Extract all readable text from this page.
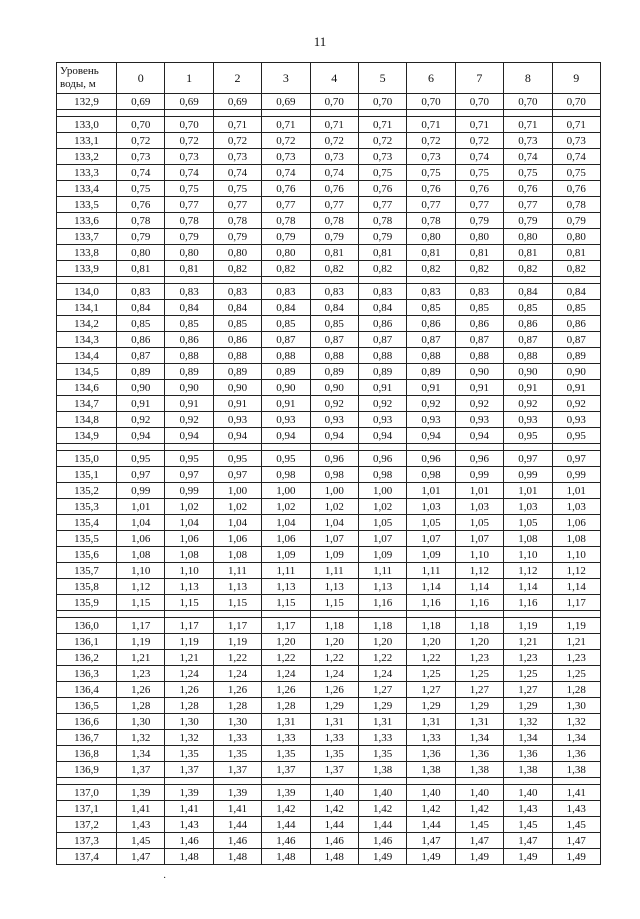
11
Уровень воды, м	0	1	2	3	4	5	6	7	8	9
132,9	0,69	0,69	0,69	0,69	0,70	0,70	0,70	0,70	0,70	0,70

133,0	0,70	0,70	0,71	0,71	0,71	0,71	0,71	0,71	0,71	0,71
133,1	0,72	0,72	0,72	0,72	0,72	0,72	0,72	0,72	0,73	0,73
133,2	0,73	0,73	0,73	0,73	0,73	0,73	0,73	0,74	0,74	0,74
133,3	0,74	0,74	0,74	0,74	0,74	0,75	0,75	0,75	0,75	0,75
133,4	0,75	0,75	0,75	0,76	0,76	0,76	0,76	0,76	0,76	0,76
133,5	0,76	0,77	0,77	0,77	0,77	0,77	0,77	0,77	0,77	0,78
133,6	0,78	0,78	0,78	0,78	0,78	0,78	0,78	0,79	0,79	0,79
133,7	0,79	0,79	0,79	0,79	0,79	0,79	0,80	0,80	0,80	0,80
133,8	0,80	0,80	0,80	0,80	0,81	0,81	0,81	0,81	0,81	0,81
133,9	0,81	0,81	0,82	0,82	0,82	0,82	0,82	0,82	0,82	0,82

134,0	0,83	0,83	0,83	0,83	0,83	0,83	0,83	0,83	0,84	0,84
134,1	0,84	0,84	0,84	0,84	0,84	0,84	0,85	0,85	0,85	0,85
134,2	0,85	0,85	0,85	0,85	0,85	0,86	0,86	0,86	0,86	0,86
134,3	0,86	0,86	0,86	0,87	0,87	0,87	0,87	0,87	0,87	0,87
134,4	0,87	0,88	0,88	0,88	0,88	0,88	0,88	0,88	0,88	0,89
134,5	0,89	0,89	0,89	0,89	0,89	0,89	0,89	0,90	0,90	0,90
134,6	0,90	0,90	0,90	0,90	0,90	0,91	0,91	0,91	0,91	0,91
134,7	0,91	0,91	0,91	0,91	0,92	0,92	0,92	0,92	0,92	0,92
134,8	0,92	0,92	0,93	0,93	0,93	0,93	0,93	0,93	0,93	0,93
134,9	0,94	0,94	0,94	0,94	0,94	0,94	0,94	0,94	0,95	0,95

135,0	0,95	0,95	0,95	0,95	0,96	0,96	0,96	0,96	0,97	0,97
135,1	0,97	0,97	0,97	0,98	0,98	0,98	0,98	0,99	0,99	0,99
135,2	0,99	0,99	1,00	1,00	1,00	1,00	1,01	1,01	1,01	1,01
135,3	1,01	1,02	1,02	1,02	1,02	1,02	1,03	1,03	1,03	1,03
135,4	1,04	1,04	1,04	1,04	1,04	1,05	1,05	1,05	1,05	1,06
135,5	1,06	1,06	1,06	1,06	1,07	1,07	1,07	1,07	1,08	1,08
135,6	1,08	1,08	1,08	1,09	1,09	1,09	1,09	1,10	1,10	1,10
135,7	1,10	1,10	1,11	1,11	1,11	1,11	1,11	1,12	1,12	1,12
135,8	1,12	1,13	1,13	1,13	1,13	1,13	1,14	1,14	1,14	1,14
135,9	1,15	1,15	1,15	1,15	1,15	1,16	1,16	1,16	1,16	1,17

136,0	1,17	1,17	1,17	1,17	1,18	1,18	1,18	1,18	1,19	1,19
136,1	1,19	1,19	1,19	1,20	1,20	1,20	1,20	1,20	1,21	1,21
136,2	1,21	1,21	1,22	1,22	1,22	1,22	1,22	1,23	1,23	1,23
136,3	1,23	1,24	1,24	1,24	1,24	1,24	1,25	1,25	1,25	1,25
136,4	1,26	1,26	1,26	1,26	1,26	1,27	1,27	1,27	1,27	1,28
136,5	1,28	1,28	1,28	1,28	1,29	1,29	1,29	1,29	1,29	1,30
136,6	1,30	1,30	1,30	1,31	1,31	1,31	1,31	1,31	1,32	1,32
136,7	1,32	1,32	1,33	1,33	1,33	1,33	1,33	1,34	1,34	1,34
136,8	1,34	1,35	1,35	1,35	1,35	1,35	1,36	1,36	1,36	1,36
136,9	1,37	1,37	1,37	1,37	1,37	1,38	1,38	1,38	1,38	1,38

137,0	1,39	1,39	1,39	1,39	1,40	1,40	1,40	1,40	1,40	1,41
137,1	1,41	1,41	1,41	1,42	1,42	1,42	1,42	1,42	1,43	1,43
137,2	1,43	1,43	1,44	1,44	1,44	1,44	1,44	1,45	1,45	1,45
137,3	1,45	1,46	1,46	1,46	1,46	1,46	1,47	1,47	1,47	1,47
137,4	1,47	1,48	1,48	1,48	1,48	1,49	1,49	1,49	1,49	1,49
·
